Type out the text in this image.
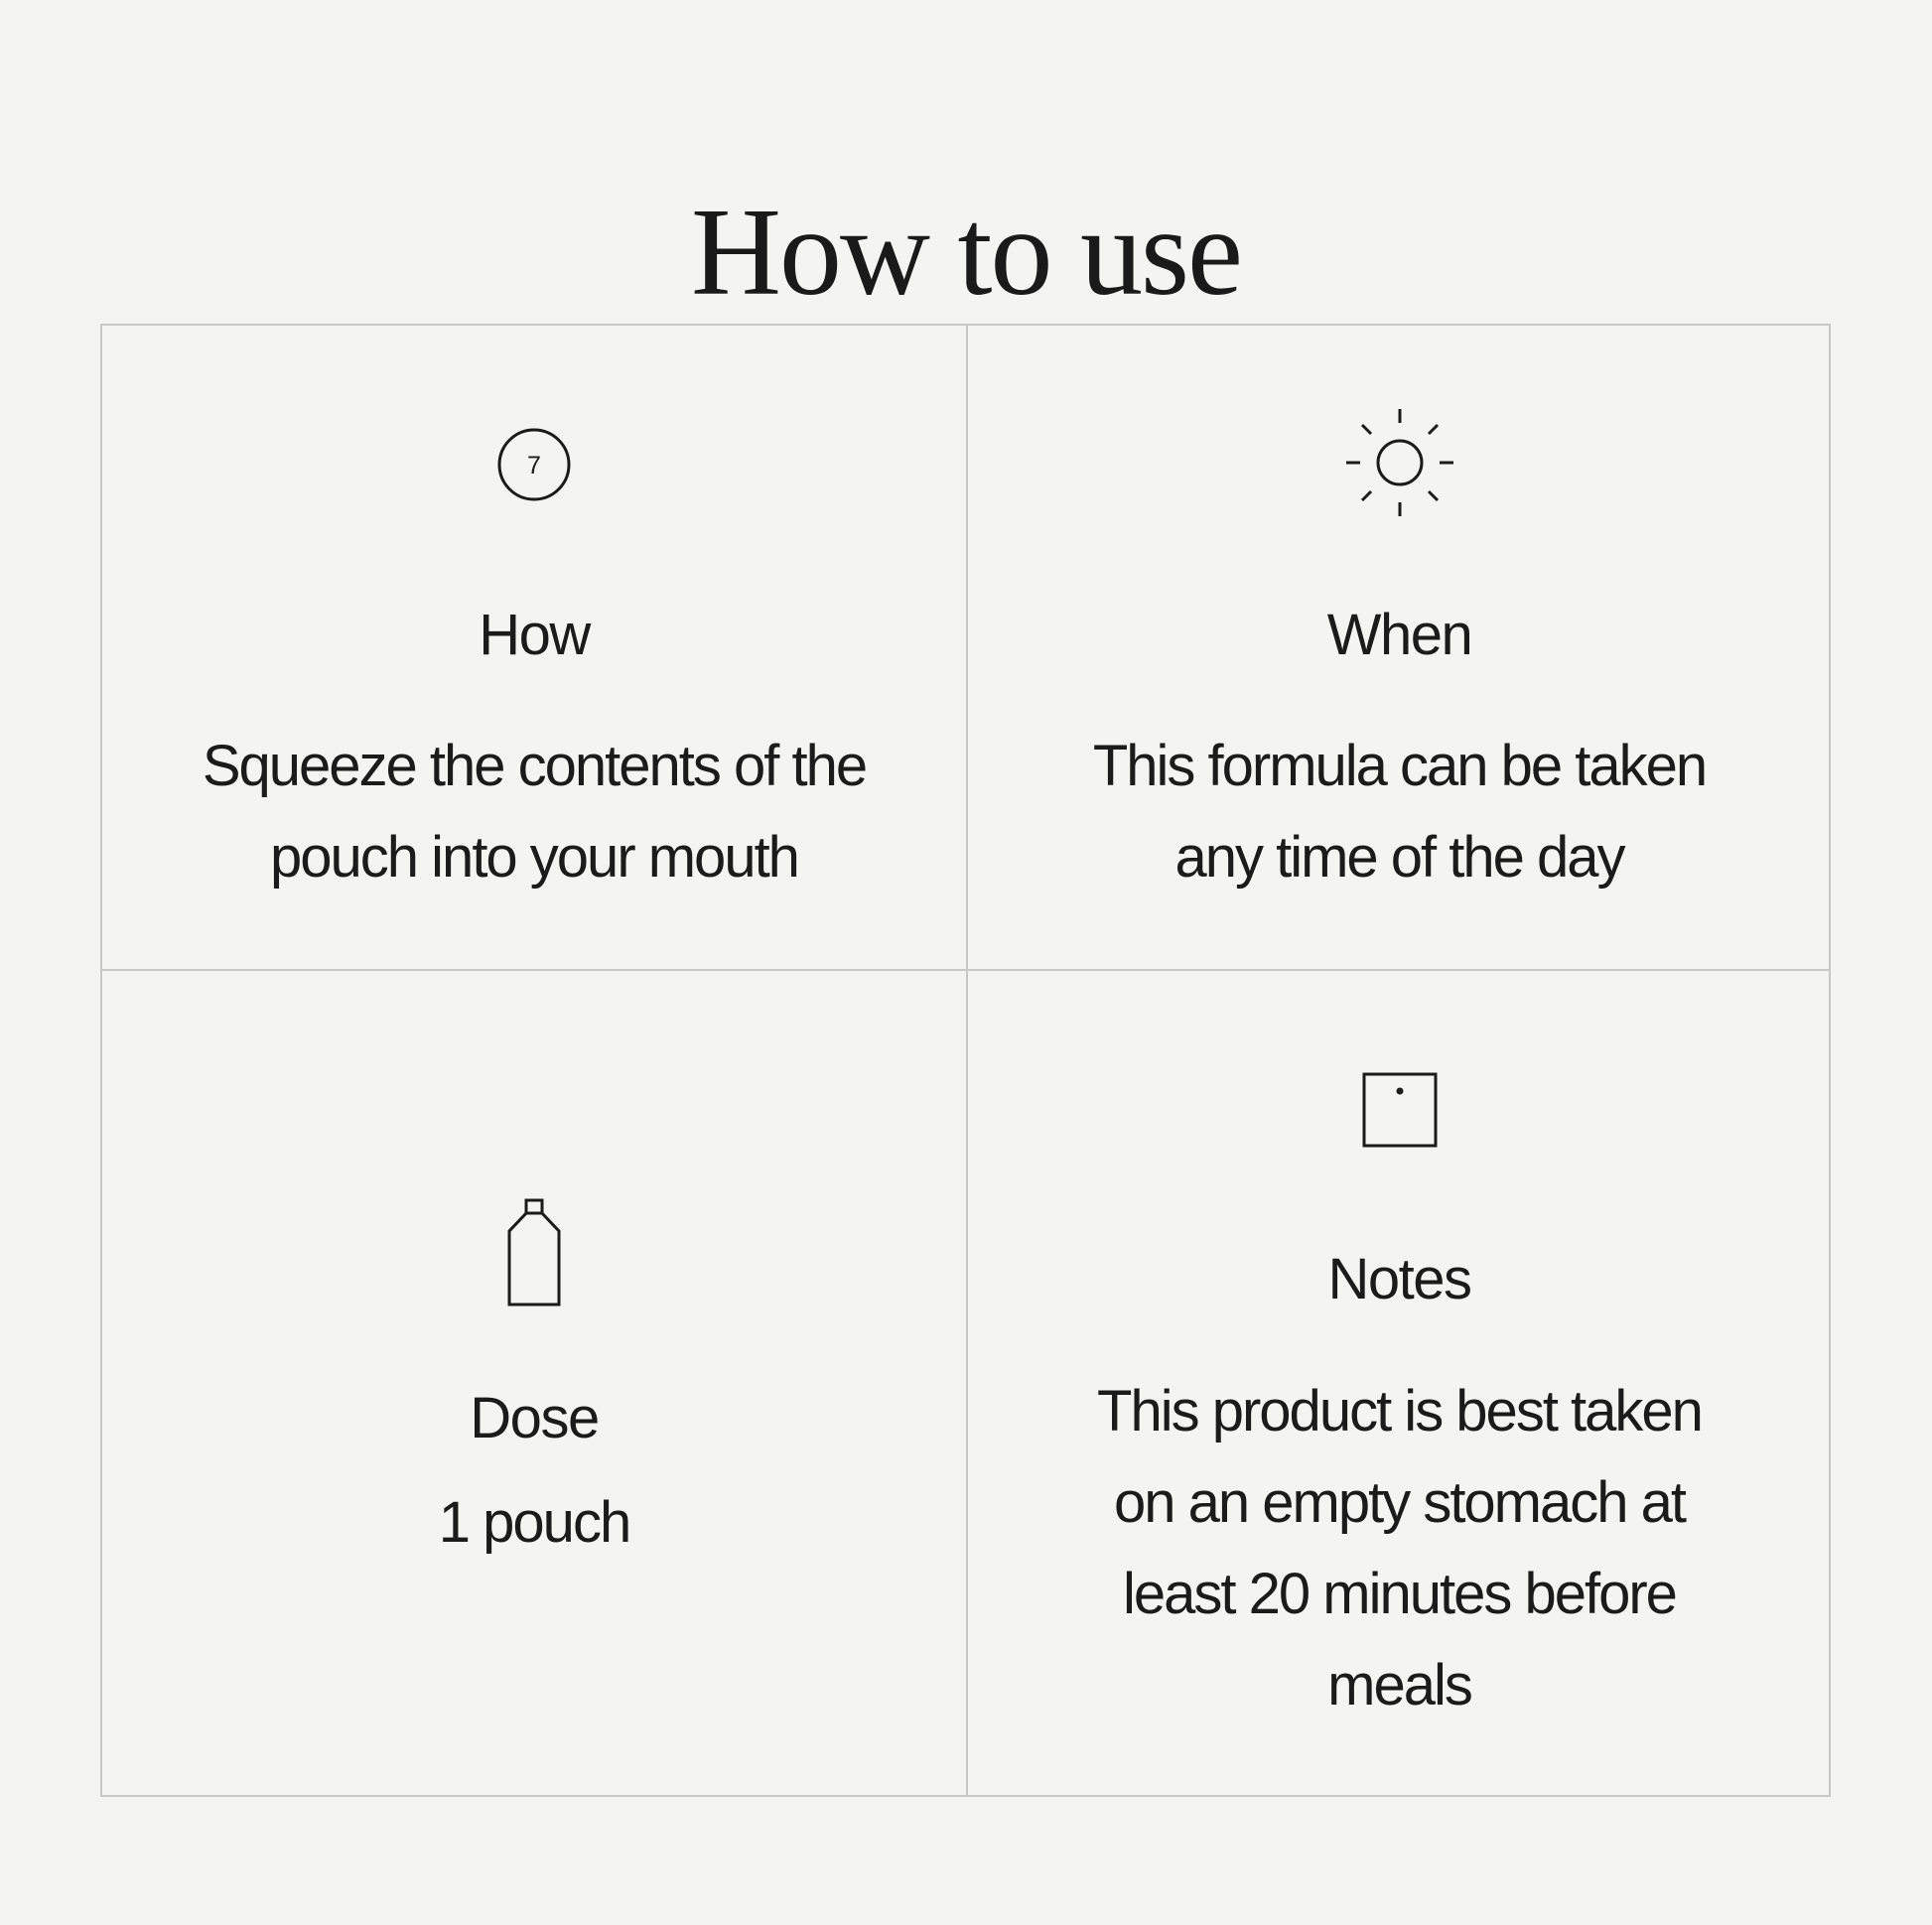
How to use
7
How
Squeeze the contents of the pouch into your mouth
When
This formula can be taken any time of the day
Dose
1 pouch
Notes
This product is best taken on an empty stomach at least 20 minutes before meals
